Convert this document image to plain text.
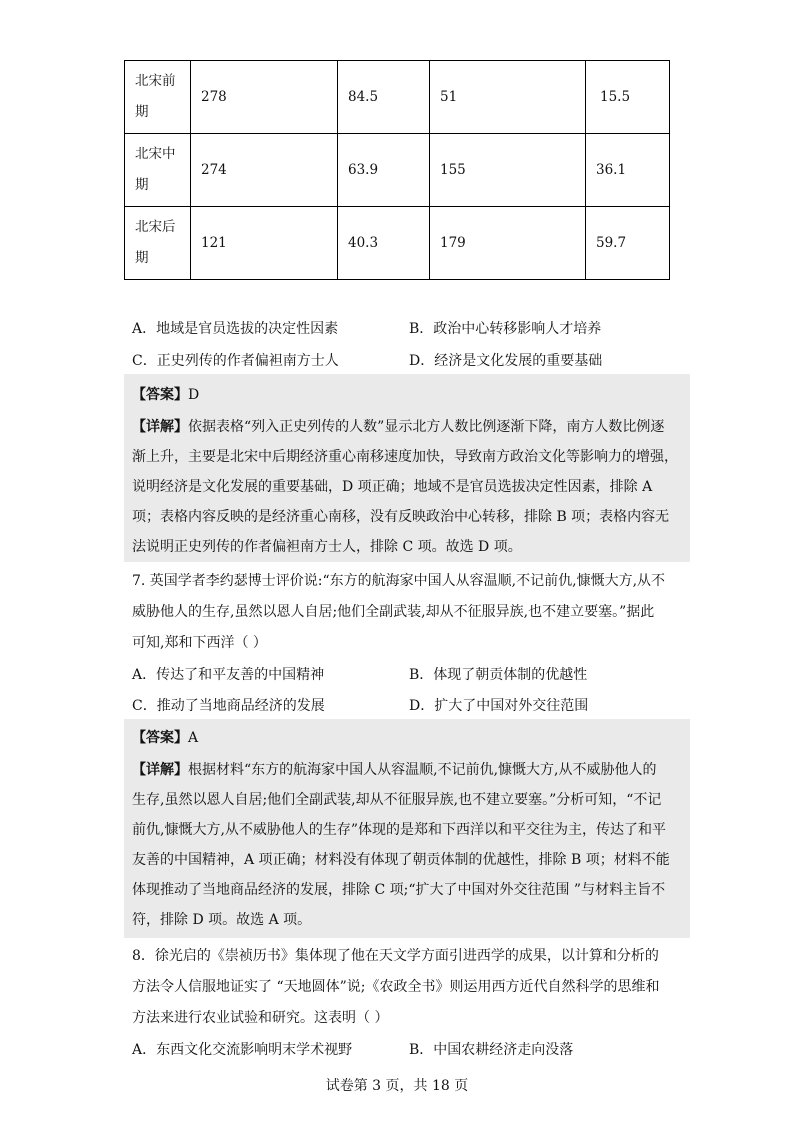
北宋前
期	278	84.5	51	15.5
北宋中
期	274	63.9	155	36.1
北宋后
期	121	40.3	179	59.7
A．地域是官员选拔的决定性因素	B．政治中心转移影响人才培养
C．正史列传的作者偏袒南方士人	D．经济是文化发展的重要基础
【答案】D
【详解】依据表格“列入正史列传的人数”显示北方人数比例逐渐下降，南方人数比例逐
渐上升，主要是北宋中后期经济重心南移速度加快，导致南方政治文化等影响力的增强，
说明经济是文化发展的重要基础，D 项正确；地域不是官员选拔决定性因素，排除 A
项；表格内容反映的是经济重心南移，没有反映政治中心转移，排除 B 项；表格内容无
法说明正史列传的作者偏袒南方士人，排除 C 项。故选 D 项。
7. 英国学者李约瑟博士评价说:“东方的航海家中国人从容温顺,不记前仇,慷慨大方,从不
威胁他人的生存,虽然以恩人自居;他们全副武装,却从不征服异族,也不建立要塞。”据此
可知,郑和下西洋（ ）
A．传达了和平友善的中国精神	B．体现了朝贡体制的优越性
C．推动了当地商品经济的发展	D．扩大了中国对外交往范围
【答案】A
【详解】根据材料“东方的航海家中国人从容温顺,不记前仇,慷慨大方,从不威胁他人的
生存,虽然以恩人自居;他们全副武装,却从不征服异族,也不建立要塞。”分析可知，“不记
前仇,慷慨大方,从不威胁他人的生存”体现的是郑和下西洋以和平交往为主，传达了和平
友善的中国精神，A 项正确；材料没有体现了朝贡体制的优越性，排除 B 项；材料不能
体现推动了当地商品经济的发展，排除 C 项;“扩大了中国对外交往范围 ”与材料主旨不
符，排除 D 项。故选 A 项。
8．徐光启的《崇祯历书》集体现了他在天文学方面引进西学的成果，以计算和分析的
方法令人信服地证实了 “天地圆体”说;《农政全书》则运用西方近代自然科学的思维和
方法来进行农业试验和研究。这表明（ ）
A．东西文化交流影响明末学术视野	B．中国农耕经济走向没落
试卷第 3 页，共 18 页
